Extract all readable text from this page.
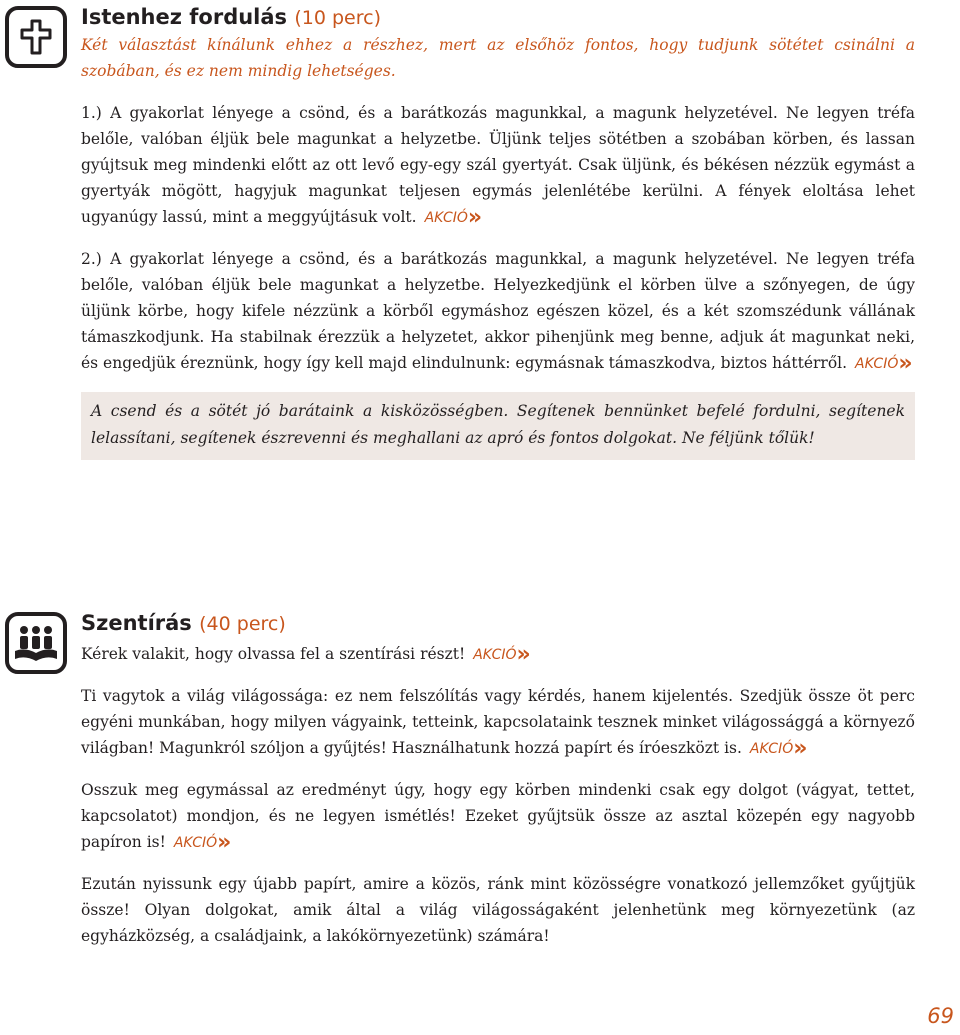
Istenhez fordulás (10 perc)

Két választást kínálunk ehhez a részhez, mert az elsőhöz fontos, hogy tudjunk sötétet csinálni a szobában, és ez nem mindig lehetséges.

1.) A gyakorlat lényege a csönd, és a barátkozás magunkkal, a magunk helyzetével. Ne legyen tréfa belőle, valóban éljük bele magunkat a helyzetbe. Üljünk teljes sötétben a szobában körben, és lassan gyújtsuk meg mindenki előtt az ott levő egy-egy szál gyertyát. Csak üljünk, és békésen nézzük egymást a gyertyák mögött, hagyjuk magunkat teljesen egymás jelenlétébe kerülni. A fények eloltása lehet ugyanúgy lassú, mint a meggyújtásuk volt. AKCIÓ»

2.) A gyakorlat lényege a csönd, és a barátkozás magunkkal, a magunk helyzetével. Ne legyen tréfa belőle, valóban éljük bele magunkat a helyzetbe. Helyezkedjünk el körben ülve a szőnyegen, de úgy üljünk körbe, hogy kifele nézzünk a körből egymáshoz egészen közel, és a két szomszédunk vállának támaszkodjunk. Ha stabilnak érezzük a helyzetet, akkor pihenjünk meg benne, adjuk át magunkat neki, és engedjük éreznünk, hogy így kell majd elindulnunk: egymásnak támaszkodva, biztos háttérről. AKCIÓ»

A csend és a sötét jó barátaink a kisközösségben. Segítenek bennünket befelé fordulni, segítenek lelassítani, segítenek észrevenni és meghallani az apró és fontos dolgokat. Ne féljünk tőlük!
Szentírás (40 perc)

Kérek valakit, hogy olvassa fel a szentírási részt! AKCIÓ»

Ti vagytok a világ világossága: ez nem felszólítás vagy kérdés, hanem kijelentés. Szedjük össze öt perc egyéni munkában, hogy milyen vágyaink, tetteink, kapcsolataink tesznek minket világossággá a környező világban! Magunkról szóljon a gyűjtés! Használhatunk hozzá papírt és íróeszközt is. AKCIÓ»

Osszuk meg egymással az eredményt úgy, hogy egy körben mindenki csak egy dolgot (vágyat, tettet, kapcsolatot) mondjon, és ne legyen ismétlés! Ezeket gyűjtsük össze az asztal közepén egy nagyobb papíron is! AKCIÓ»

Ezután nyissunk egy újabb papírt, amire a közös, ránk mint közösségre vonatkozó jellemzőket gyűjtjük össze! Olyan dolgokat, amik által a világ világosságaként jelenhetünk meg környezetünk (az egyházközség, a családjaink, a lakókörnyezetünk) számára!

69
